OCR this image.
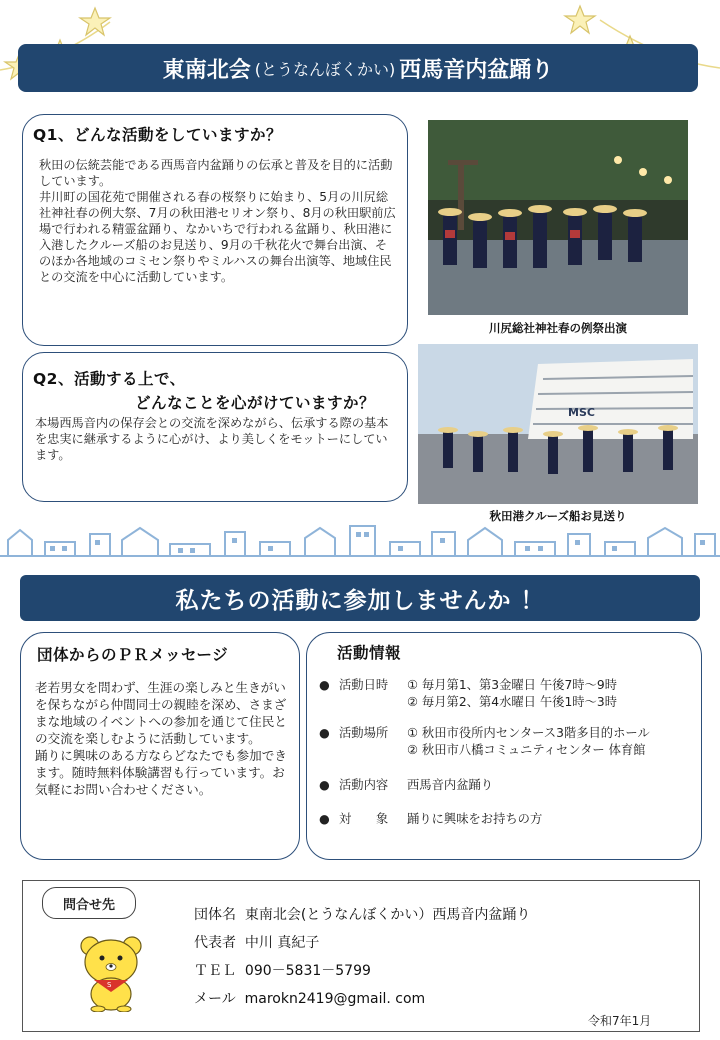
東南北会 (とうなんぼくかい) 西馬音内盆踊り
Q1、どんな活動をしていますか？
秋田の伝統芸能である西馬音内盆踊りの伝承と普及を目的に活動しています。
井川町の国花苑で開催される春の桜祭りに始まり、5月の川尻総社神社春の例大祭、7月の秋田港セリオン祭り、8月の秋田駅前広場で行われる精霊盆踊り、なかいちで行われる盆踊り、秋田港に入港したクルーズ船のお見送り、9月の千秋花火で舞台出演、そのほか各地域のコミセン祭りやミルハスの舞台出演等、地域住民との交流を中心に活動しています。
川尻総社神社春の例祭出演
Q2、活動する上で、
どんなことを心がけていますか？
本場西馬音内の保存会との交流を深めながら、伝承する際の基本を忠実に継承するように心がけ、より美しくをモットーにしています。
MSC
秋田港クルーズ船お見送り
私たちの活動に参加しませんか ！
団体からのＰＲメッセージ
老若男女を問わず、生涯の楽しみと生きがいを保ちながら仲間同士の親睦を深め、さまざまな地域のイベントへの参加を通じて住民との交流を楽しむように活動しています。
踊りに興味のある方ならどなたでも参加できます。随時無料体験講習も行っています。お気軽にお問い合わせください。
活動情報
● 活動日時	① 毎月第1、第3金曜日 午後7時～9時
② 毎月第2、第4水曜日 午後1時～3時
● 活動場所	① 秋田市役所内センタース3階多目的ホール
② 秋田市八橋コミュニティセンター 体育館
● 活動内容	西馬音内盆踊り
● 対　　象	踊りに興味をお持ちの方
問合せ先
S
団体名 東南北会(とうなんぼくかい）西馬音内盆踊り
代表者 中川 真紀子
ＴＥＬ 090－5831－5799
メール marokn2419@gmail. com
令和7年1月
